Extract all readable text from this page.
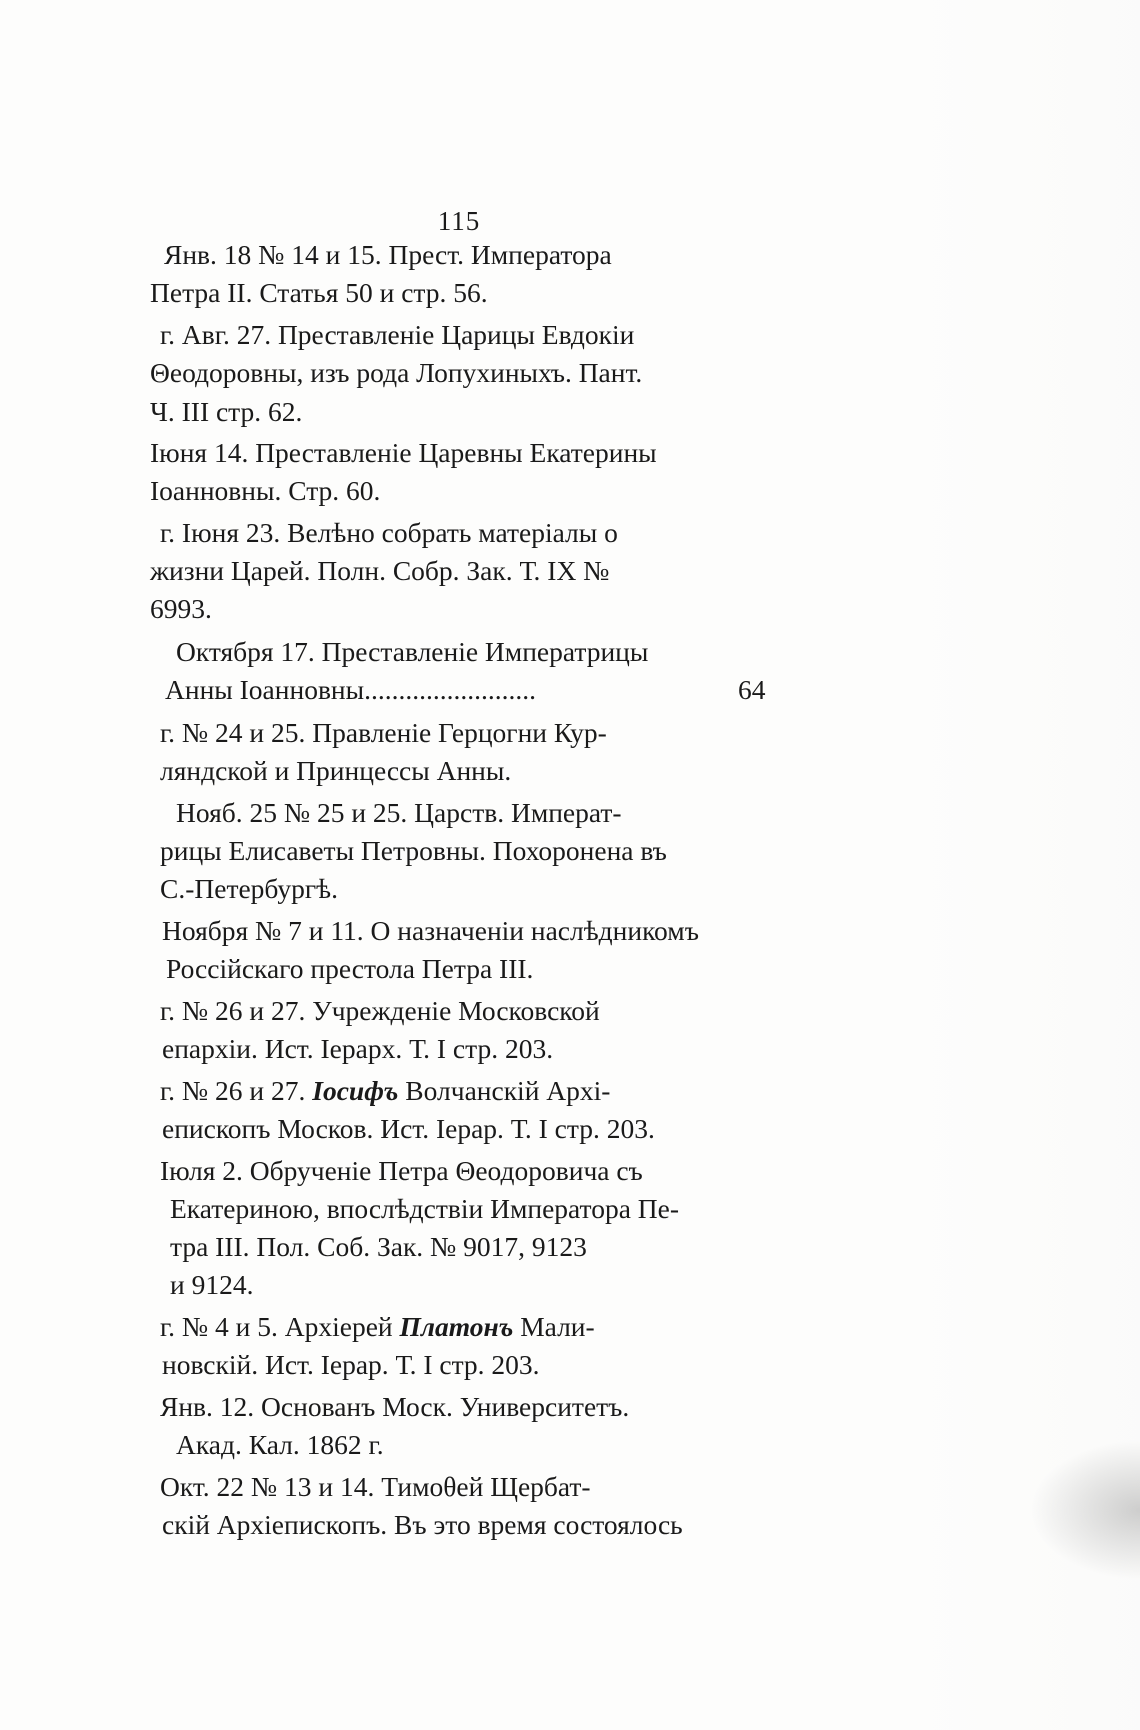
115
Янв. 18 № 14 и 15. Прест. Императора
Петра II. Статья 50 и стр. 56.
г. Авг. 27. Преставленіе Царицы Евдокіи
Θеодоровны, изъ рода Лопухиныхъ. Пант.
Ч. III стр. 62.
Іюня 14. Преставленіе Царевны Екатерины
Іоанновны. Стр. 60.
г. Іюня 23. Велѣно собрать матеріалы о
жизни Царей. Полн. Собр. Зак. Т. IX №
6993.
Октября 17. Преставленіе Императрицы
Анны Іоанновны.........................	64
г. № 24 и 25. Правленіе Герцогни Кур-
ляндской и Принцессы Анны.
Нояб. 25 № 25 и 25. Царств. Императ-
рицы Елисаветы Петровны. Похоронена въ
С.-Петербургѣ.
Ноября № 7 и 11. О назначеніи наслѣдникомъ
Россійскаго престола Петра III.
г. № 26 и 27. Учрежденіе Московской
епархіи. Ист. Іерарх. Т. I стр. 203.
г. № 26 и 27. Іосифъ Волчанскій Архі-
епископъ Москов. Ист. Іерар. Т. I стр. 203.
Іюля 2. Обрученіе Петра Θеодоровича съ
Екатериною, впослѣдствіи Императора Пе-
тра III. Пол. Соб. Зак. № 9017, 9123
и 9124.
г. № 4 и 5. Архіерей Платонъ Мали-
новскій. Ист. Іерар. Т. I стр. 203.
Янв. 12. Основанъ Моск. Университетъ.
Акад. Кал. 1862 г.
Окт. 22 № 13 и 14. Тимоθей Щербат-
скій Архіепископъ. Въ это время состоялось
